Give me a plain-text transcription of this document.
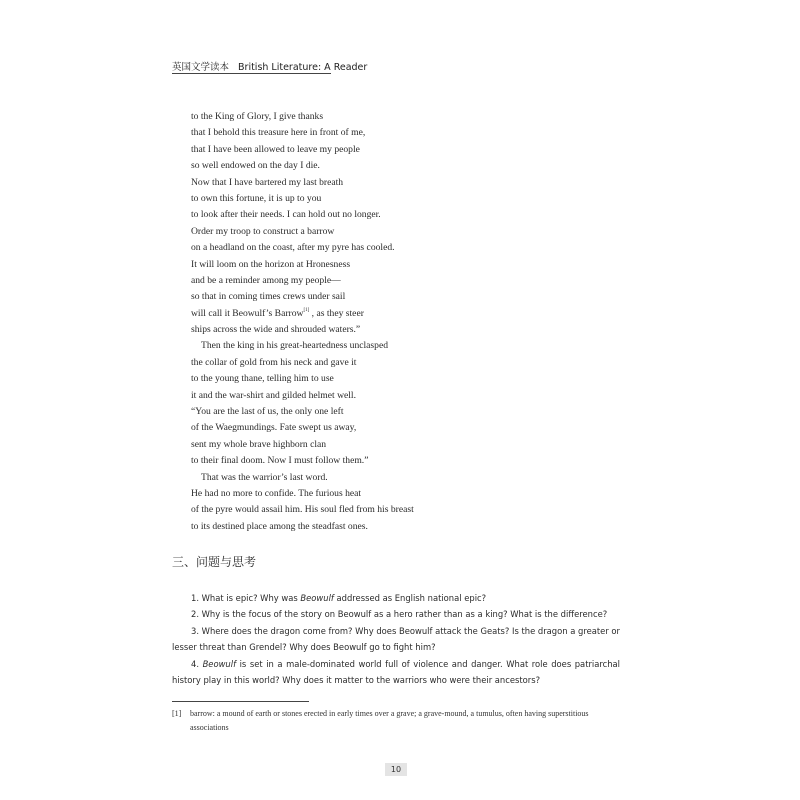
英国文学读本 British Literature: A Reader
to the King of Glory, I give thanks
that I behold this treasure here in front of me,
that I have been allowed to leave my people
so well endowed on the day I die.
Now that I have bartered my last breath
to own this fortune, it is up to you
to look after their needs. I can hold out no longer.
Order my troop to construct a barrow
on a headland on the coast, after my pyre has cooled.
It will loom on the horizon at Hronesness
and be a reminder among my people—
so that in coming times crews under sail
will call it Beowulf’s Barrow[1] , as they steer
ships across the wide and shrouded waters.”
Then the king in his great-heartedness unclasped
the collar of gold from his neck and gave it
to the young thane, telling him to use
it and the war-shirt and gilded helmet well.
“You are the last of us, the only one left
of the Waegmundings. Fate swept us away,
sent my whole brave highborn clan
to their final doom. Now I must follow them.”
That was the warrior’s last word.
He had no more to confide. The furious heat
of the pyre would assail him. His soul fled from his breast
to its destined place among the steadfast ones.
三、问题与思考
1. What is epic? Why was Beowulf addressed as English national epic?
2. Why is the focus of the story on Beowulf as a hero rather than as a king? What is the difference?
3. Where does the dragon come from? Why does Beowulf attack the Geats? Is the dragon a greater or lesser threat than Grendel? Why does Beowulf go to fight him?
4. Beowulf is set in a male-dominated world full of violence and danger. What role does patriarchal history play in this world? Why does it matter to the warriors who were their ancestors?
[1]	barrow: a mound of earth or stones erected in early times over a grave; a grave-mound, a tumulus, often having superstitious associations
10
